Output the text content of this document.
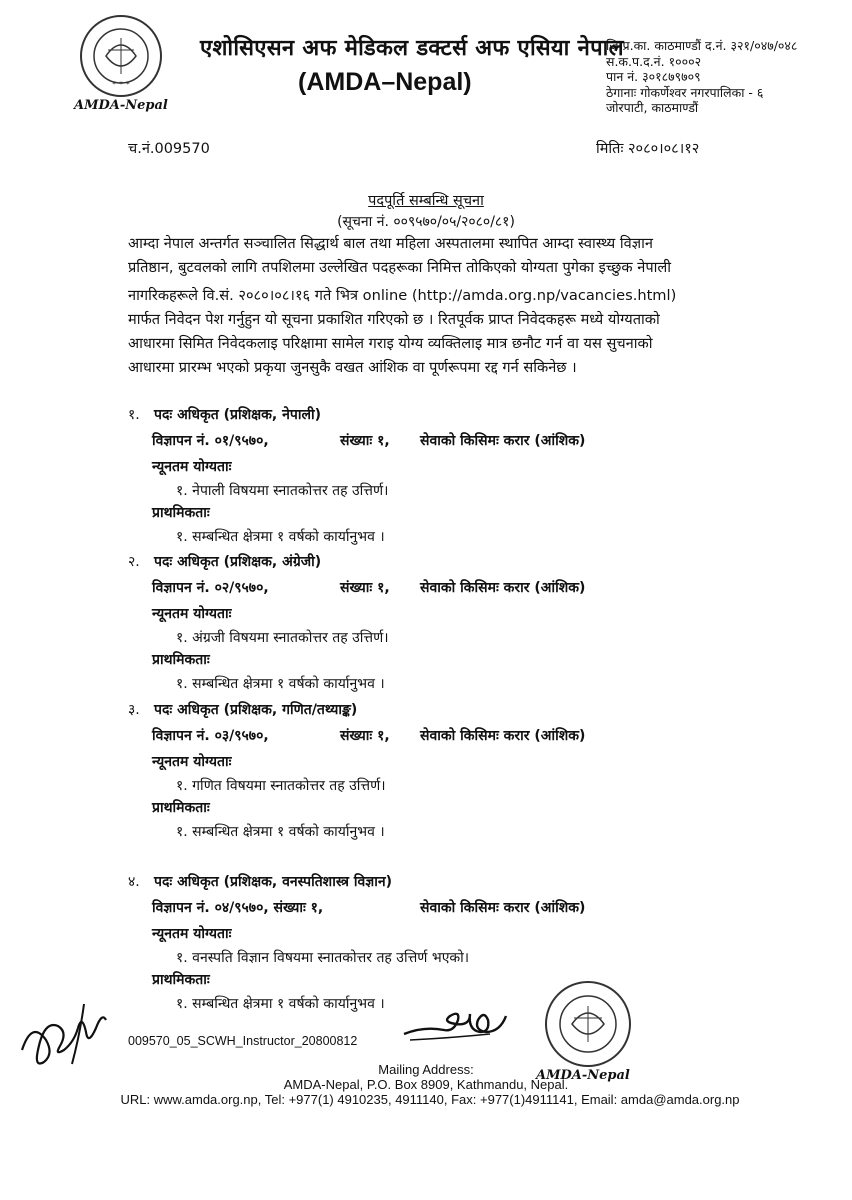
✶ ✶ ✶
AMDA-Nepal
एशोसिएसन अफ मेडिकल डक्टर्स अफ एसिया नेपाल
(AMDA–Nepal)
जि.प्र.का. काठमाण्डौं द.नं. ३२१/०४७/०४८
स.क.प.द.नं. १०००२
पान नं. ३०१८७९७०९
ठेगानाः गोकर्णेश्वर नगरपालिका - ६
जोरपाटी, काठमाण्डौं
च.नं.009570	मितिः २०८०।०८।१२
पदपूर्ति सम्बन्धि सूचना
(सूचना नं. ००९५७०/०५/२०८०/८१)
आम्दा नेपाल अन्तर्गत सञ्चालित सिद्धार्थ बाल तथा महिला अस्पतालमा स्थापित आम्दा स्वास्थ्य विज्ञान
प्रतिष्ठान, बुटवलको लागि तपशिलमा उल्लेखित पदहरूका निमित्त तोकिएको योग्यता पुगेका इच्छुक नेपाली
नागरिकहरूले वि.सं. २०८०।०८।१६ गते भित्र online (http://amda.org.np/vacancies.html)
मार्फत निवेदन पेश गर्नुहुन यो सूचना प्रकाशित गरिएको छ । रितपूर्वक प्राप्त निवेदकहरू मध्ये योग्यताको
आधारमा सिमित निवेदकलाइ परिक्षामा सामेल गराइ योग्य व्यक्तिलाइ मात्र छनौट गर्न वा यस सुचनाको
आधारमा प्रारम्भ भएको प्रकृया जुनसुकै वखत आंशिक वा पूर्णरूपमा रद्द गर्न सकिनेछ ।
१. पदः अधिकृत (प्रशिक्षक, नेपाली)
विज्ञापन नं. ०१/९५७०,	संख्याः १, सेवाको किसिमः करार (आंशिक)
न्यूनतम योग्यताः
१. नेपाली विषयमा स्नातकोत्तर तह उत्तिर्ण।
प्राथमिकताः
१. सम्बन्धित क्षेत्रमा १ वर्षको कार्यानुभव ।
२. पदः अधिकृत (प्रशिक्षक, अंग्रेजी)
विज्ञापन नं. ०२/९५७०,	संख्याः १, सेवाको किसिमः करार (आंशिक)
न्यूनतम योग्यताः
१. अंग्रजी विषयमा स्नातकोत्तर तह उत्तिर्ण।
प्राथमिकताः
१. सम्बन्धित क्षेत्रमा १ वर्षको कार्यानुभव ।
३. पदः अधिकृत (प्रशिक्षक, गणित/तथ्याङ्क)
विज्ञापन नं. ०३/९५७०,	संख्याः १, सेवाको किसिमः करार (आंशिक)
न्यूनतम योग्यताः
१. गणित विषयमा स्नातकोत्तर तह उत्तिर्ण।
प्राथमिकताः
१. सम्बन्धित क्षेत्रमा १ वर्षको कार्यानुभव ।
४. पदः अधिकृत (प्रशिक्षक, वनस्पतिशास्त्र विज्ञान)
विज्ञापन नं. ०४/९५७०, संख्याः १,	सेवाको किसिमः करार (आंशिक)
न्यूनतम योग्यताः
१. वनस्पति विज्ञान विषयमा स्नातकोत्तर तह उत्तिर्ण भएको।
प्राथमिकताः
१. सम्बन्धित क्षेत्रमा १ वर्षको कार्यानुभव ।
009570_05_SCWH_Instructor_20800812
AMDA-Nepal
Mailing Address:
AMDA-Nepal, P.O. Box 8909, Kathmandu, Nepal.
URL: www.amda.org.np, Tel: +977(1) 4910235, 4911140, Fax: +977(1)4911141, Email: amda@amda.org.np
